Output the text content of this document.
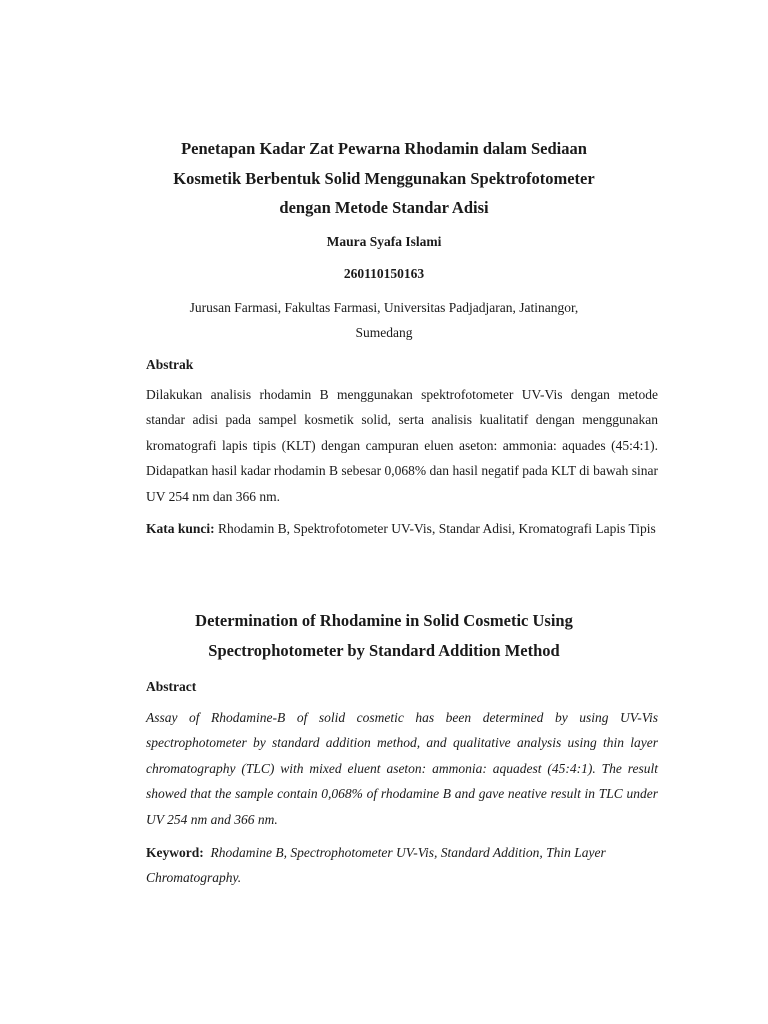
Penetapan Kadar Zat Pewarna Rhodamin dalam Sediaan
Kosmetik Berbentuk Solid Menggunakan Spektrofotometer
dengan Metode Standar Adisi

Maura Syafa Islami

260110150163

Jurusan Farmasi, Fakultas Farmasi, Universitas Padjadjaran, Jatinangor,
Sumedang

Abstrak

Dilakukan analisis rhodamin B menggunakan spektrofotometer UV-Vis dengan metode standar adisi pada sampel kosmetik solid, serta analisis kualitatif dengan menggunakan kromatografi lapis tipis (KLT) dengan campuran eluen aseton: ammonia: aquades (45:4:1). Didapatkan hasil kadar rhodamin B sebesar 0,068% dan hasil negatif pada KLT di bawah sinar UV 254 nm dan 366 nm.

Kata kunci: Rhodamin B, Spektrofotometer UV-Vis, Standar Adisi, Kromatografi Lapis Tipis

Determination of Rhodamine in Solid Cosmetic Using
Spectrophotometer by Standard Addition Method
Abstract

Assay of Rhodamine-B of solid cosmetic has been determined by using UV-Vis spectrophotometer by standard addition method, and qualitative analysis using thin layer chromatography (TLC) with mixed eluent aseton: ammonia: aquadest (45:4:1). The result showed that the sample contain 0,068% of rhodamine B and gave neative result in TLC under UV 254 nm and 366 nm.

Keyword: Rhodamine B, Spectrophotometer UV-Vis, Standard Addition, Thin Layer Chromatography.
